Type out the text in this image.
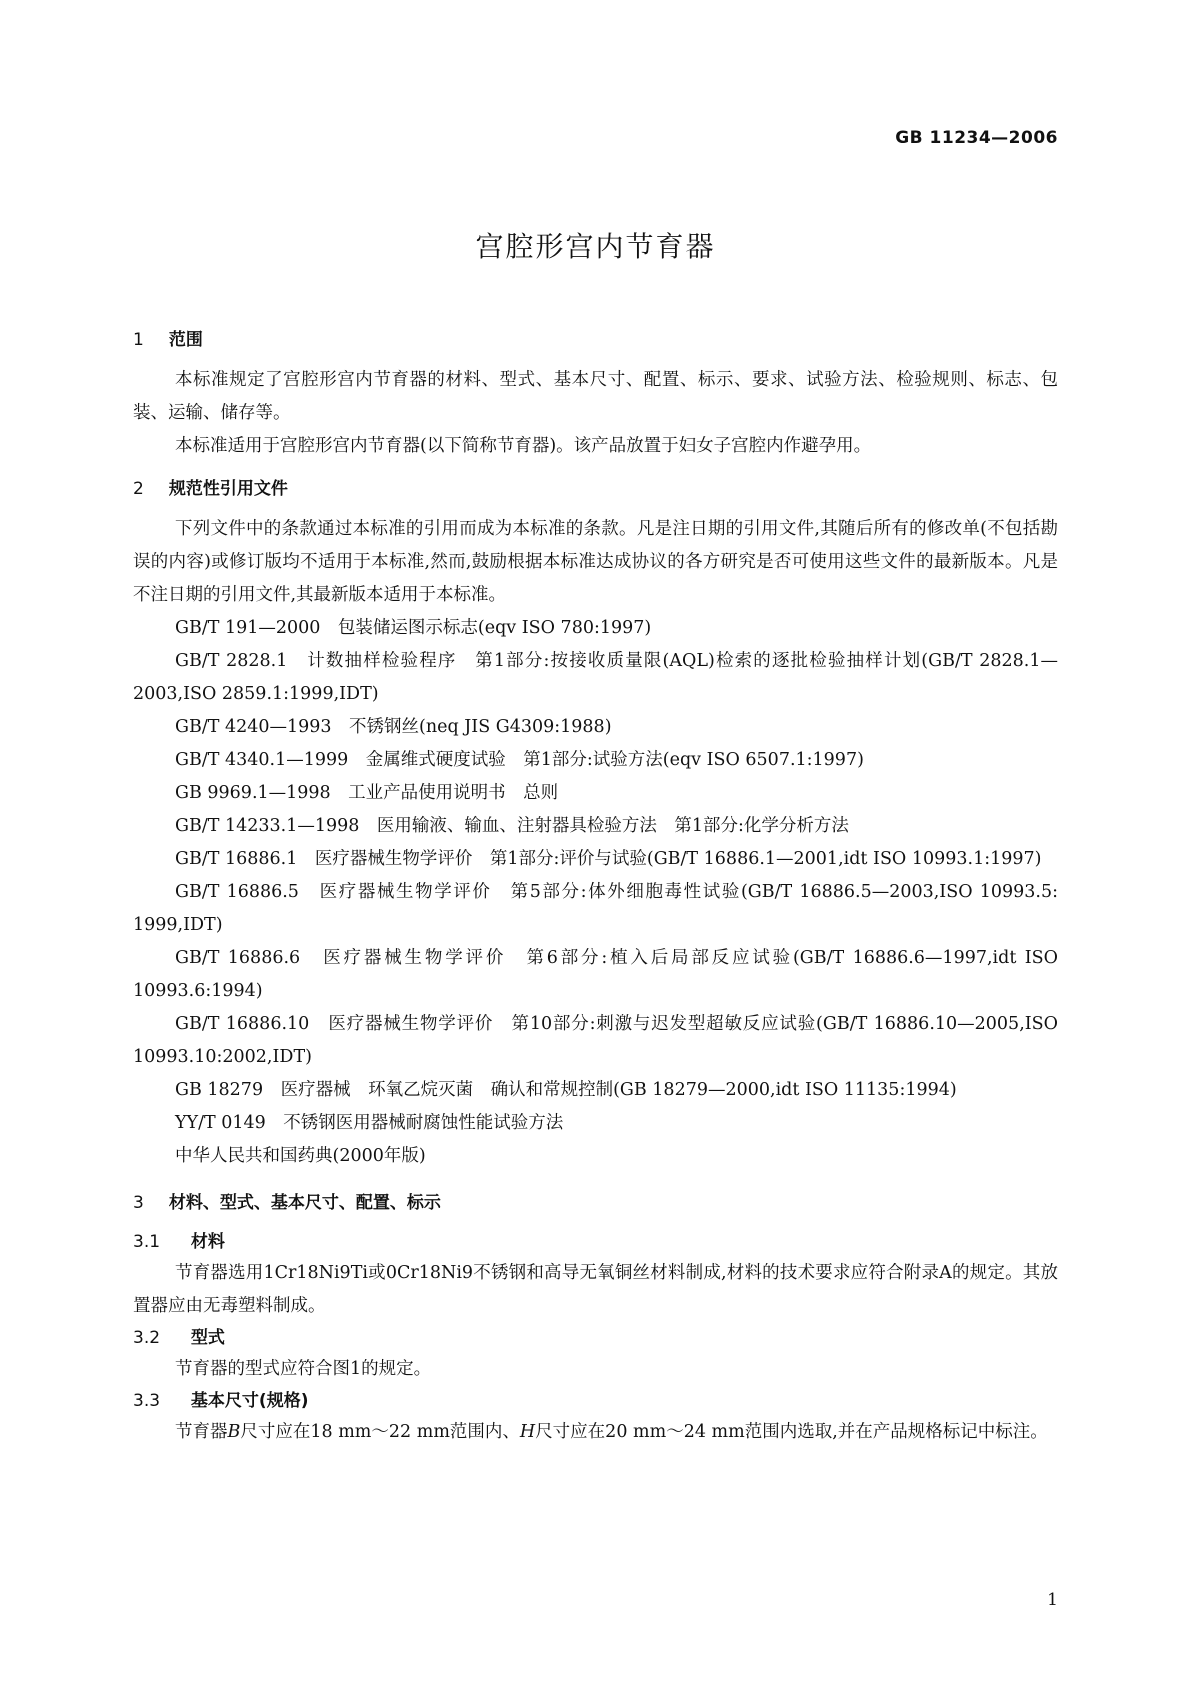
GB 11234—2006
宫腔形宫内节育器
1 范围

本标准规定了宫腔形宫内节育器的材料、型式、基本尺寸、配置、标示、要求、试验方法、检验规则、标志、包装、运输、储存等。

本标准适用于宫腔形宫内节育器(以下简称节育器)。该产品放置于妇女子宫腔内作避孕用。

2 规范性引用文件

下列文件中的条款通过本标准的引用而成为本标准的条款。凡是注日期的引用文件,其随后所有的修改单(不包括勘误的内容)或修订版均不适用于本标准,然而,鼓励根据本标准达成协议的各方研究是否可使用这些文件的最新版本。凡是不注日期的引用文件,其最新版本适用于本标准。

GB/T 191—2000　包装储运图示标志(eqv ISO 780:1997)

GB/T 2828.1　计数抽样检验程序　第1部分:按接收质量限(AQL)检索的逐批检验抽样计划(GB/T 2828.1—2003,ISO 2859.1:1999,IDT)

GB/T 4240—1993　不锈钢丝(neq JIS G4309:1988)

GB/T 4340.1—1999　金属维式硬度试验　第1部分:试验方法(eqv ISO 6507.1:1997)

GB 9969.1—1998　工业产品使用说明书　总则

GB/T 14233.1—1998　医用输液、输血、注射器具检验方法　第1部分:化学分析方法

GB/T 16886.1　医疗器械生物学评价　第1部分:评价与试验(GB/T 16886.1—2001,idt ISO 10993.1:1997)

GB/T 16886.5　医疗器械生物学评价　第5部分:体外细胞毒性试验(GB/T 16886.5—2003,ISO 10993.5: 1999,IDT)

GB/T 16886.6　医疗器械生物学评价　第6部分:植入后局部反应试验(GB/T 16886.6—1997,idt ISO 10993.6:1994)

GB/T 16886.10　医疗器械生物学评价　第10部分:刺激与迟发型超敏反应试验(GB/T 16886.10—2005,ISO 10993.10:2002,IDT)

GB 18279　医疗器械　环氧乙烷灭菌　确认和常规控制(GB 18279—2000,idt ISO 11135:1994)

YY/T 0149　不锈钢医用器械耐腐蚀性能试验方法

中华人民共和国药典(2000年版)

3 材料、型式、基本尺寸、配置、标示
3.1 材料

节育器选用1Cr18Ni9Ti或0Cr18Ni9不锈钢和高导无氧铜丝材料制成,材料的技术要求应符合附录A的规定。其放置器应由无毒塑料制成。

3.2 型式

节育器的型式应符合图1的规定。

3.3 基本尺寸(规格)

节育器B尺寸应在18 mm～22 mm范围内、H尺寸应在20 mm～24 mm范围内选取,并在产品规格标记中标注。

1
